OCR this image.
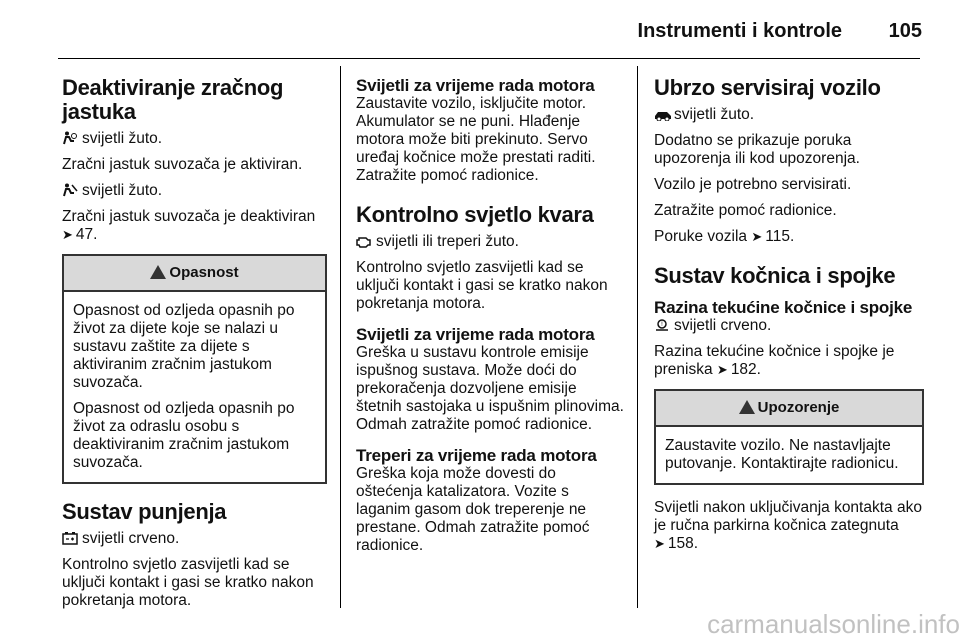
Instrumenti i kontrole 105
Deaktiviranje zračnog jastuka

svijetli žuto.

Zračni jastuk suvozača je aktiviran.

svijetli žuto.

Zračni jastuk suvozača je deaktiviran
➤ 47.

Opasnost

Opasnost od ozljeda opasnih po život za dijete koje se nalazi u sustavu zaštite za dijete s aktiviranim zračnim jastukom suvozača.

Opasnost od ozljeda opasnih po život za odraslu osobu s deaktiviranim zračnim jastukom suvozača.

Sustav punjenja

svijetli crveno.

Kontrolno svjetlo zasvijetli kad se uključi kontakt i gasi se kratko nakon pokretanja motora.

Svijetli za vrijeme rada motora

Zaustavite vozilo, isključite motor. Akumulator se ne puni. Hlađenje motora može biti prekinuto. Servo uređaj kočnice može prestati raditi. Zatražite pomoć radionice.

Kontrolno svjetlo kvara

svijetli ili treperi žuto.

Kontrolno svjetlo zasvijetli kad se uključi kontakt i gasi se kratko nakon pokretanja motora.

Svijetli za vrijeme rada motora

Greška u sustavu kontrole emisije ispušnog sustava. Može doći do prekoračenja dozvoljene emisije štetnih sastojaka u ispušnim plinovima. Odmah zatražite pomoć radionice.

Treperi za vrijeme rada motora

Greška koja može dovesti do oštećenja katalizatora. Vozite s laganim gasom dok treperenje ne prestane. Odmah zatražite pomoć radionice.

Ubrzo servisiraj vozilo

svijetli žuto.

Dodatno se prikazuje poruka upozorenja ili kod upozorenja.

Vozilo je potrebno servisirati.

Zatražite pomoć radionice.

Poruke vozila ➤ 115.

Sustav kočnica i spojke
Razina tekućine kočnice i spojke

! svijetli crveno.

Razina tekućine kočnice i spojke je preniska ➤ 182.

Upozorenje

Zaustavite vozilo. Ne nastavljajte putovanje. Kontaktirajte radionicu.

Svijetli nakon uključivanja kontakta ako je ručna parkirna kočnica zategnuta ➤ 158.

carmanualsonline.info
